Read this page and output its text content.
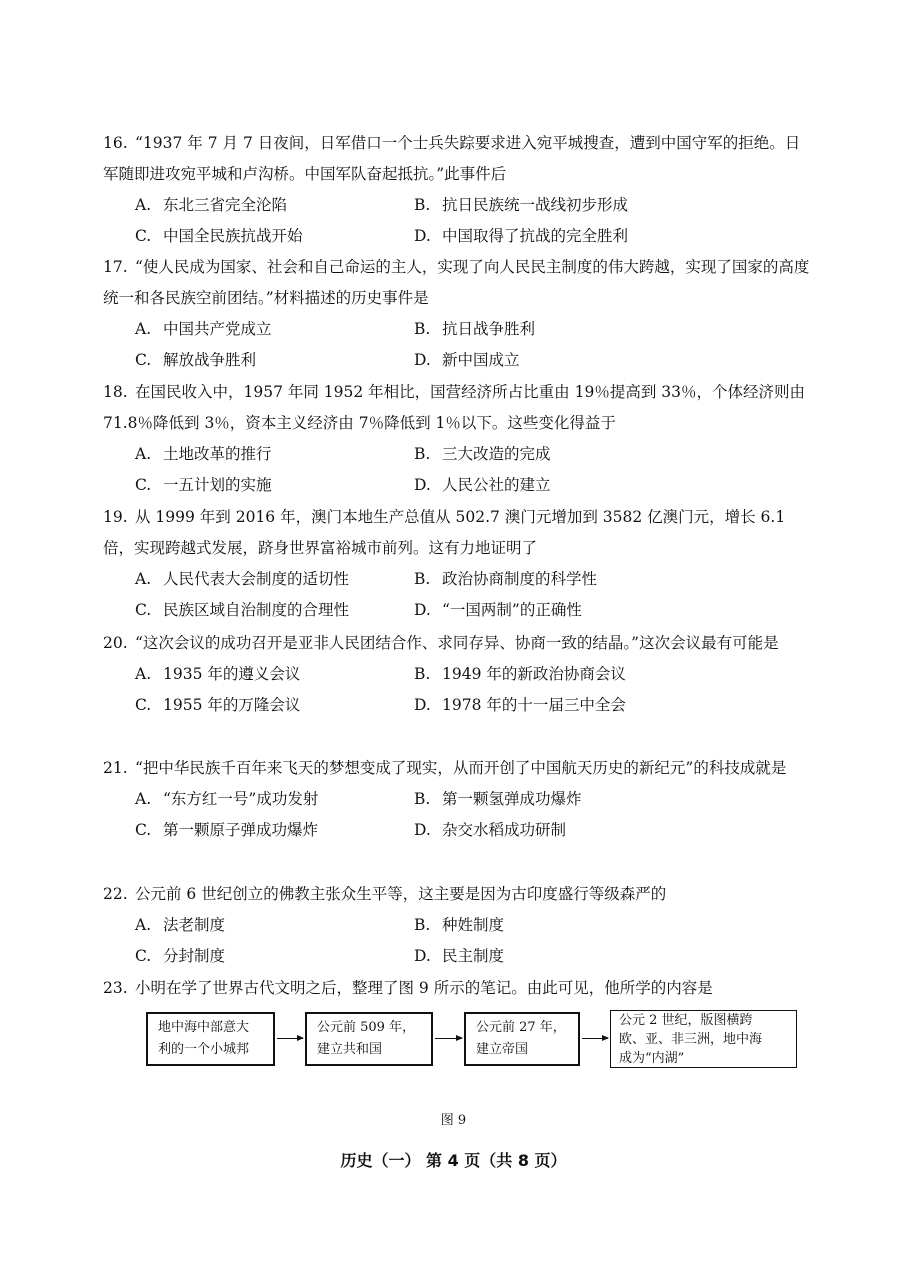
16. “1937 年 7 月 7 日夜间，日军借口一个士兵失踪要求进入宛平城搜查，遭到中国守军的拒绝。日军随即进攻宛平城和卢沟桥。中国军队奋起抵抗。”此事件后
A. 东北三省完全沦陷	B. 抗日民族统一战线初步形成
C. 中国全民族抗战开始	D. 中国取得了抗战的完全胜利
17. “使人民成为国家、社会和自己命运的主人，实现了向人民民主制度的伟大跨越，实现了国家的高度统一和各民族空前团结。”材料描述的历史事件是
A. 中国共产党成立	B. 抗日战争胜利
C. 解放战争胜利	D. 新中国成立
18. 在国民收入中，1957 年同 1952 年相比，国营经济所占比重由 19％提高到 33％，个体经济则由 71.8％降低到 3％，资本主义经济由 7％降低到 1％以下。这些变化得益于
A. 土地改革的推行	B. 三大改造的完成
C. 一五计划的实施	D. 人民公社的建立
19. 从 1999 年到 2016 年，澳门本地生产总值从 502.7 澳门元增加到 3582 亿澳门元，增长 6.1 倍，实现跨越式发展，跻身世界富裕城市前列。这有力地证明了
A. 人民代表大会制度的适切性	B. 政治协商制度的科学性
C. 民族区域自治制度的合理性	D. “一国两制”的正确性
20. “这次会议的成功召开是亚非人民团结合作、求同存异、协商一致的结晶。”这次会议最有可能是
A. 1935 年的遵义会议	B. 1949 年的新政治协商会议
C. 1955 年的万隆会议	D. 1978 年的十一届三中全会
21. “把中华民族千百年来飞天的梦想变成了现实，从而开创了中国航天历史的新纪元”的科技成就是
A. “东方红一号”成功发射	B. 第一颗氢弹成功爆炸
C. 第一颗原子弹成功爆炸	D. 杂交水稻成功研制
22. 公元前 6 世纪创立的佛教主张众生平等，这主要是因为古印度盛行等级森严的
A. 法老制度	B. 种姓制度
C. 分封制度	D. 民主制度
23. 小明在学了世界古代文明之后，整理了图 9 所示的笔记。由此可见，他所学的内容是
地中海中部意大
利的一个小城邦
公元前 509 年，
建立共和国
公元前 27 年，
建立帝国
公元 2 世纪，版图横跨
欧、亚、非三洲，地中海
成为“内湖”
图 9
历史（一） 第 4 页（共 8 页）
